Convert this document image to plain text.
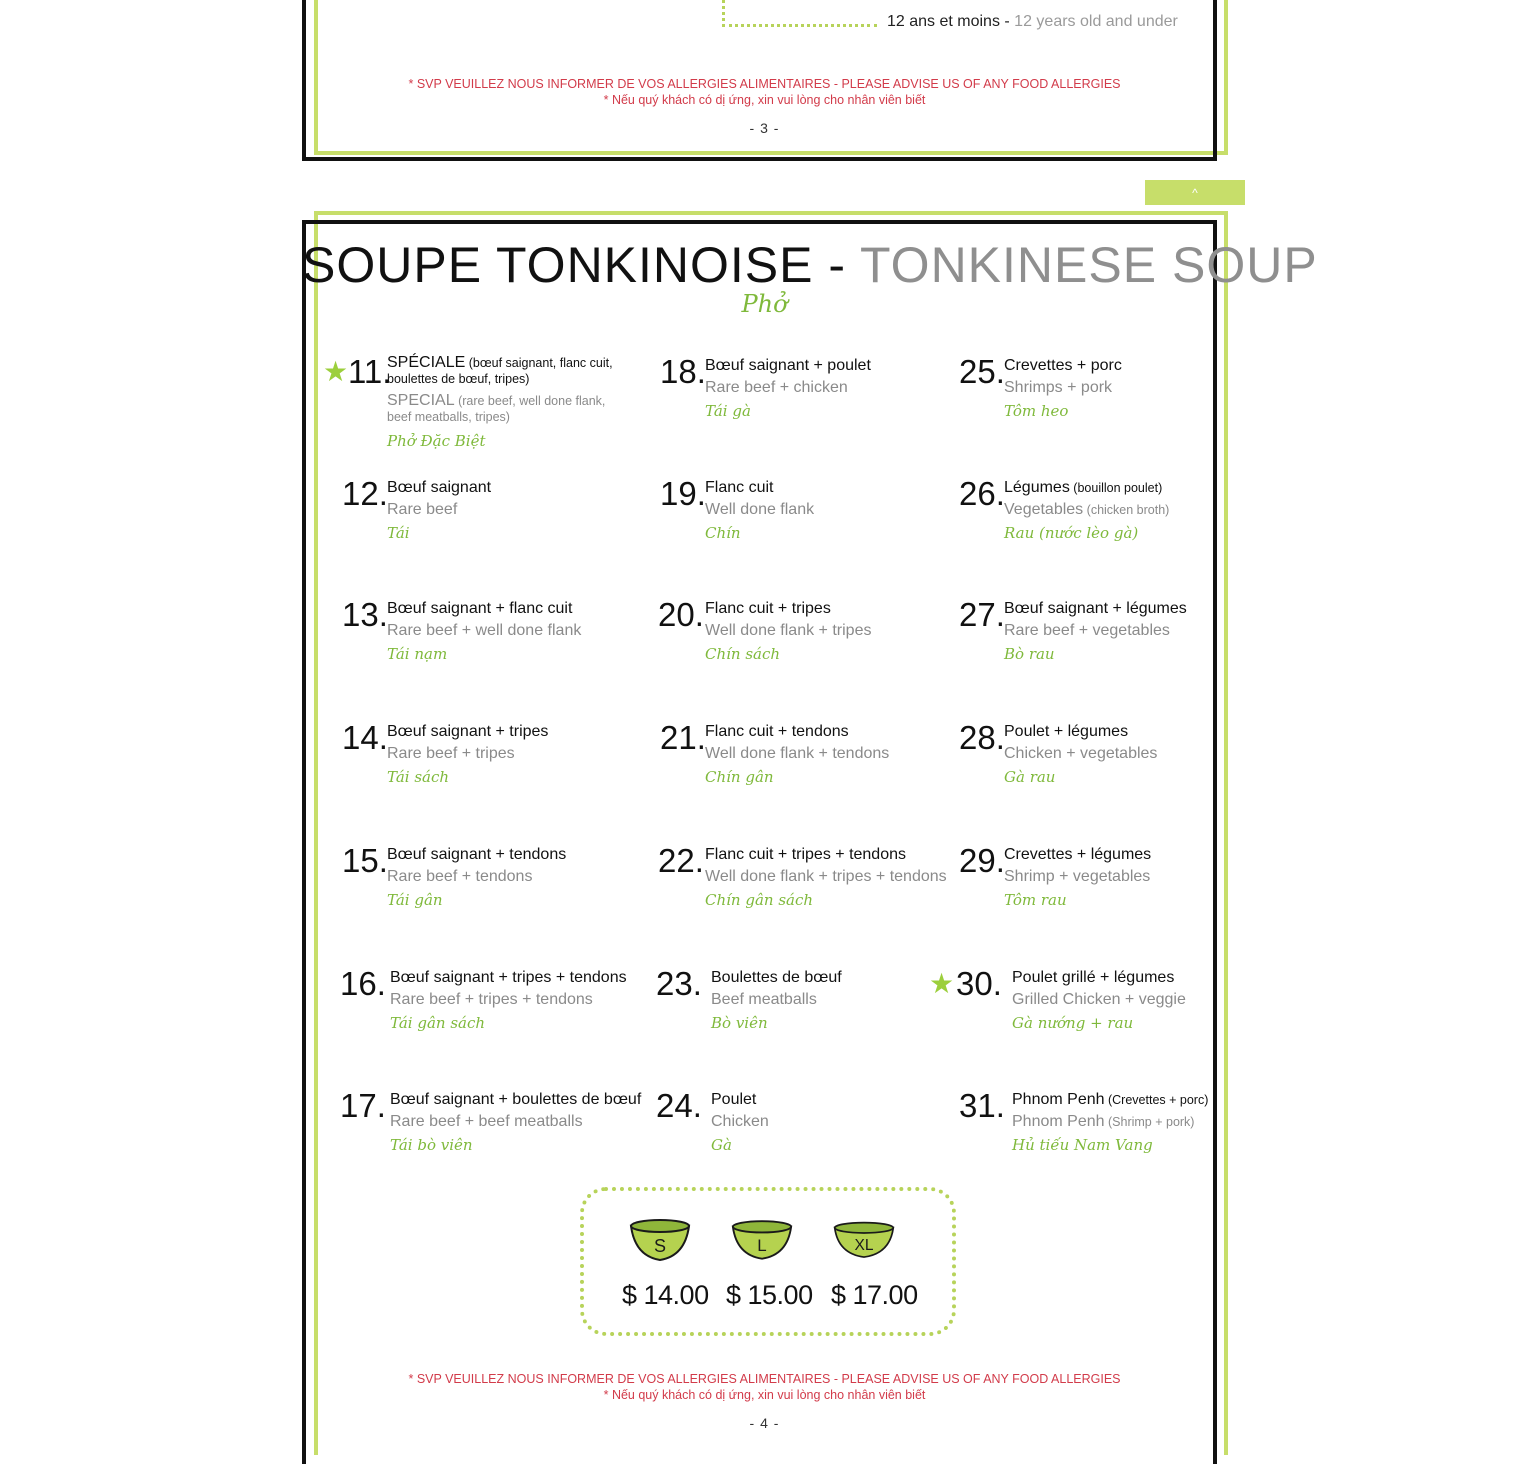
12 ans et moins - 12 years old and under
* SVP VEUILLEZ NOUS INFORMER DE VOS ALLERGIES ALIMENTAIRES - PLEASE ADVISE US OF ANY FOOD ALLERGIES
* Nếu quý khách có dị ứng, xin vui lòng cho nhân viên biết
- 3 -
^
SOUPE TONKINOISE - TONKINESE SOUP
Phở
★ 11.
SPÉCIALE (bœuf saignant, flanc cuit, boulettes de bœuf, tripes)
SPECIAL (rare beef, well done flank, beef meatballs, tripes)
Phở Đặc Biệt
12. Bœuf saignant
Rare beef
Tái
13. Bœuf saignant + flanc cuit
Rare beef + well done flank
Tái nạm
14. Bœuf saignant + tripes
Rare beef + tripes
Tái sách
15. Bœuf saignant + tendons
Rare beef + tendons
Tái gân
16. Bœuf saignant + tripes + tendons
Rare beef + tripes + tendons
Tái gân sách
17. Bœuf saignant + boulettes de bœuf
Rare beef + beef meatballs
Tái bò viên
18. Bœuf saignant + poulet
Rare beef + chicken
Tái gà
19. Flanc cuit
Well done flank
Chín
20. Flanc cuit + tripes
Well done flank + tripes
Chín sách
21. Flanc cuit + tendons
Well done flank + tendons
Chín gân
22. Flanc cuit + tripes + tendons
Well done flank + tripes + tendons
Chín gân sách
23. Boulettes de bœuf
Beef meatballs
Bò viên
24. Poulet
Chicken
Gà
25. Crevettes + porc
Shrimps + pork
Tôm heo
26. Légumes (bouillon poulet)
Vegetables (chicken broth)
Rau (nước lèo gà)
27. Bœuf saignant + légumes
Rare beef + vegetables
Bò rau
28. Poulet + légumes
Chicken + vegetables
Gà rau
29. Crevettes + légumes
Shrimp + vegetables
Tôm rau
★ 30. Poulet grillé + légumes
Grilled Chicken + veggie
Gà nướng + rau
31. Phnom Penh (Crevettes + porc)
Phnom Penh (Shrimp + pork)
Hủ tiếu Nam Vang
S
$ 14.00
L
$ 15.00
XL
$ 17.00
* SVP VEUILLEZ NOUS INFORMER DE VOS ALLERGIES ALIMENTAIRES - PLEASE ADVISE US OF ANY FOOD ALLERGIES
* Nếu quý khách có dị ứng, xin vui lòng cho nhân viên biết
- 4 -
